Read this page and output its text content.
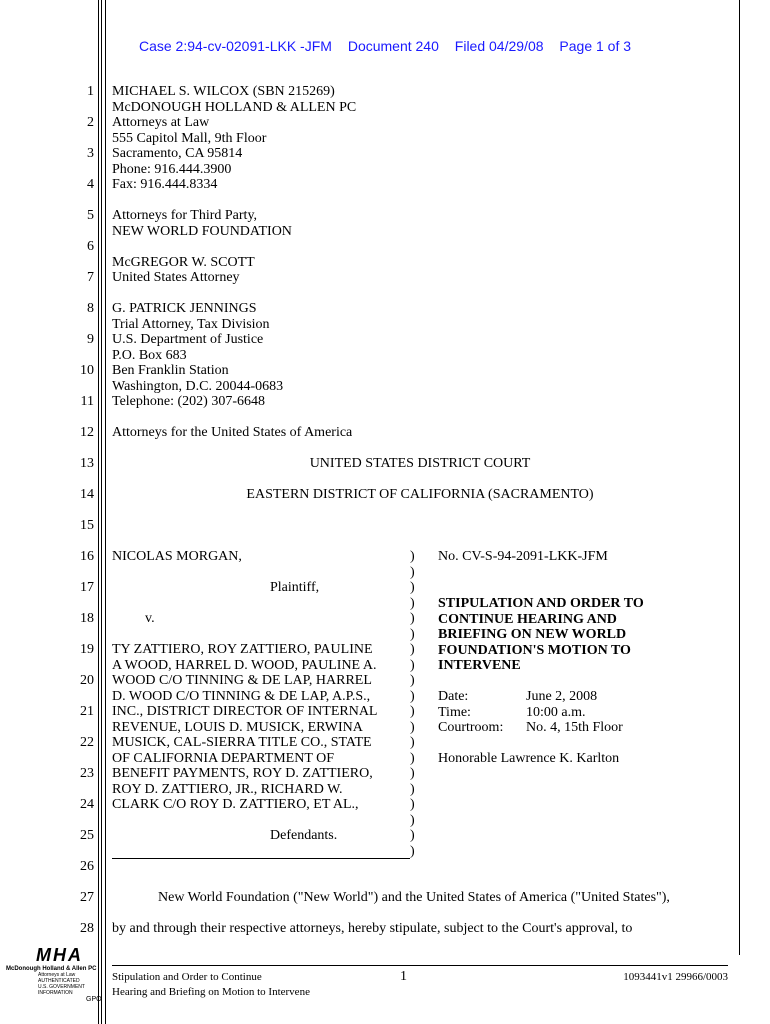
Case 2:94-cv-02091-LKK -JFM Document 240 Filed 04/29/08 Page 1 of 3
1
2
3
4
5
6
7
8
9
10
11
12
13
14
15
16
17
18
19
20
21
22
23
24
25
26
27
28
MICHAEL S. WILCOX (SBN 215269)
McDONOUGH HOLLAND & ALLEN PC
Attorneys at Law
555 Capitol Mall, 9th Floor
Sacramento, CA 95814
Phone: 916.444.3900
Fax: 916.444.8334
Attorneys for Third Party,
NEW WORLD FOUNDATION
McGREGOR W. SCOTT
United States Attorney
G. PATRICK JENNINGS
Trial Attorney, Tax Division
U.S. Department of Justice
P.O. Box 683
Ben Franklin Station
Washington, D.C. 20044-0683
Telephone: (202) 307-6648
Attorneys for the United States of America
UNITED STATES DISTRICT COURT
EASTERN DISTRICT OF CALIFORNIA (SACRAMENTO)
NICOLAS MORGAN,
Plaintiff,
v.
TY ZATTIERO, ROY ZATTIERO, PAULINE
A WOOD, HARREL D. WOOD, PAULINE A.
WOOD C/O TINNING & DE LAP, HARREL
D. WOOD C/O TINNING & DE LAP, A.P.S.,
INC., DISTRICT DIRECTOR OF INTERNAL
REVENUE, LOUIS D. MUSICK, ERWINA
MUSICK, CAL-SIERRA TITLE CO., STATE
OF CALIFORNIA DEPARTMENT OF
BENEFIT PAYMENTS, ROY D. ZATTIERO,
ROY D. ZATTIERO, JR., RICHARD W.
CLARK C/O ROY D. ZATTIERO, ET AL.,
Defendants.
)
)
)
)
)
)
)
)
)
)
)
)
)
)
)
)
)
)
)
)
No. CV-S-94-2091-LKK-JFM
STIPULATION AND ORDER TO
CONTINUE HEARING AND
BRIEFING ON NEW WORLD
FOUNDATION'S MOTION TO
INTERVENE
Date:	June 2, 2008
Time:	10:00 a.m.
Courtroom: No. 4, 15th Floor
Honorable Lawrence K. Karlton
New World Foundation ("New World") and the United States of America ("United States"),
by and through their respective attorneys, hereby stipulate, subject to the Court's approval, to
Stipulation and Order to Continue
Hearing and Briefing on Motion to Intervene
1	1093441v1 29966/0003
MHA
McDonough Holland & Allen PC
Attorneys at Law
AUTHENTICATED
U.S. GOVERNMENT
INFORMATION
GPO
